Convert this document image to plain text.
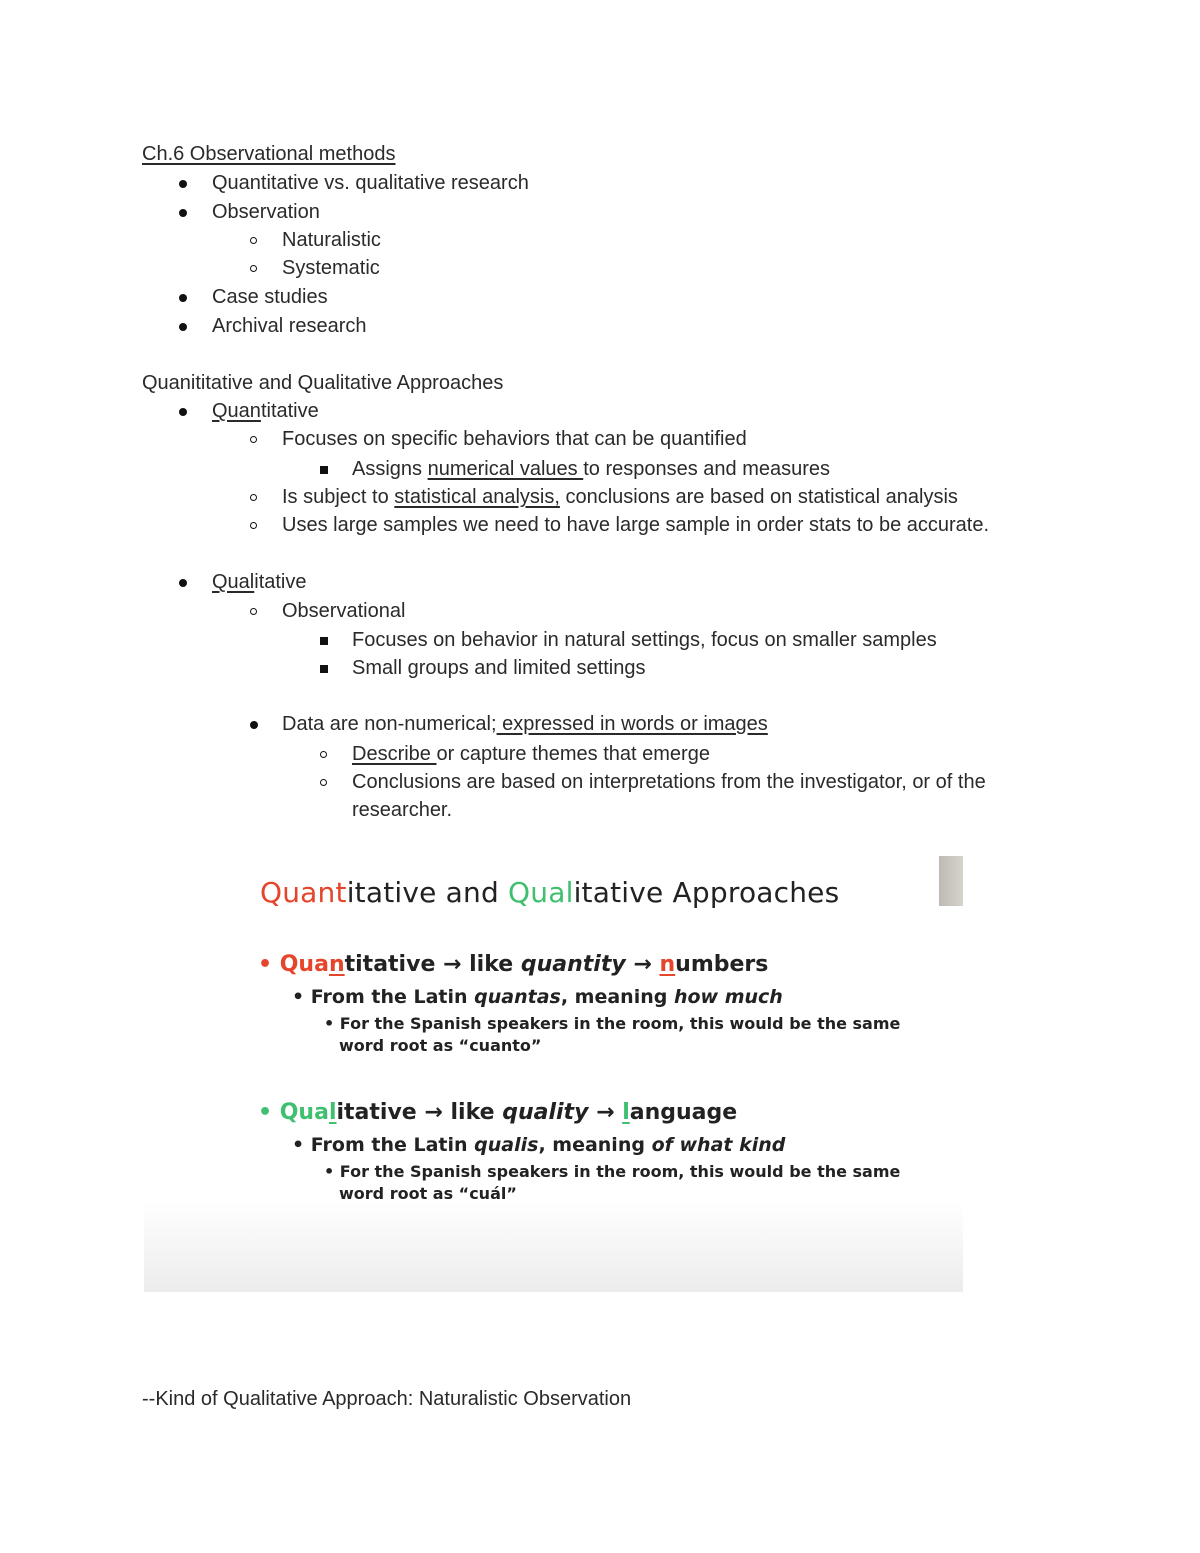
Ch.6 Observational methods
Quantitative vs. qualitative research
Observation
Naturalistic
Systematic
Case studies
Archival research
Quanititative and Qualitative Approaches
Quantitative
Focuses on specific behaviors that can be quantified
Assigns numerical values to responses and measures
Is subject to statistical analysis, conclusions are based on statistical analysis
Uses large samples we need to have large sample in order stats to be accurate.
Qualitative
Observational
Focuses on behavior in natural settings, focus on smaller samples
Small groups and limited settings
Data are non-numerical; expressed in words or images
Describe or capture themes that emerge
Conclusions are based on interpretations from the investigator, or of the
researcher.
Quantitative and Qualitative Approaches
• Quantitative → like quantity → numbers
• From the Latin quantas, meaning how much
• For the Spanish speakers in the room, this would be the same
word root as “cuanto”
• Qualitative → like quality → language
• From the Latin qualis, meaning of what kind
• For the Spanish speakers in the room, this would be the same
word root as “cuál”
--Kind of Qualitative Approach: Naturalistic Observation
